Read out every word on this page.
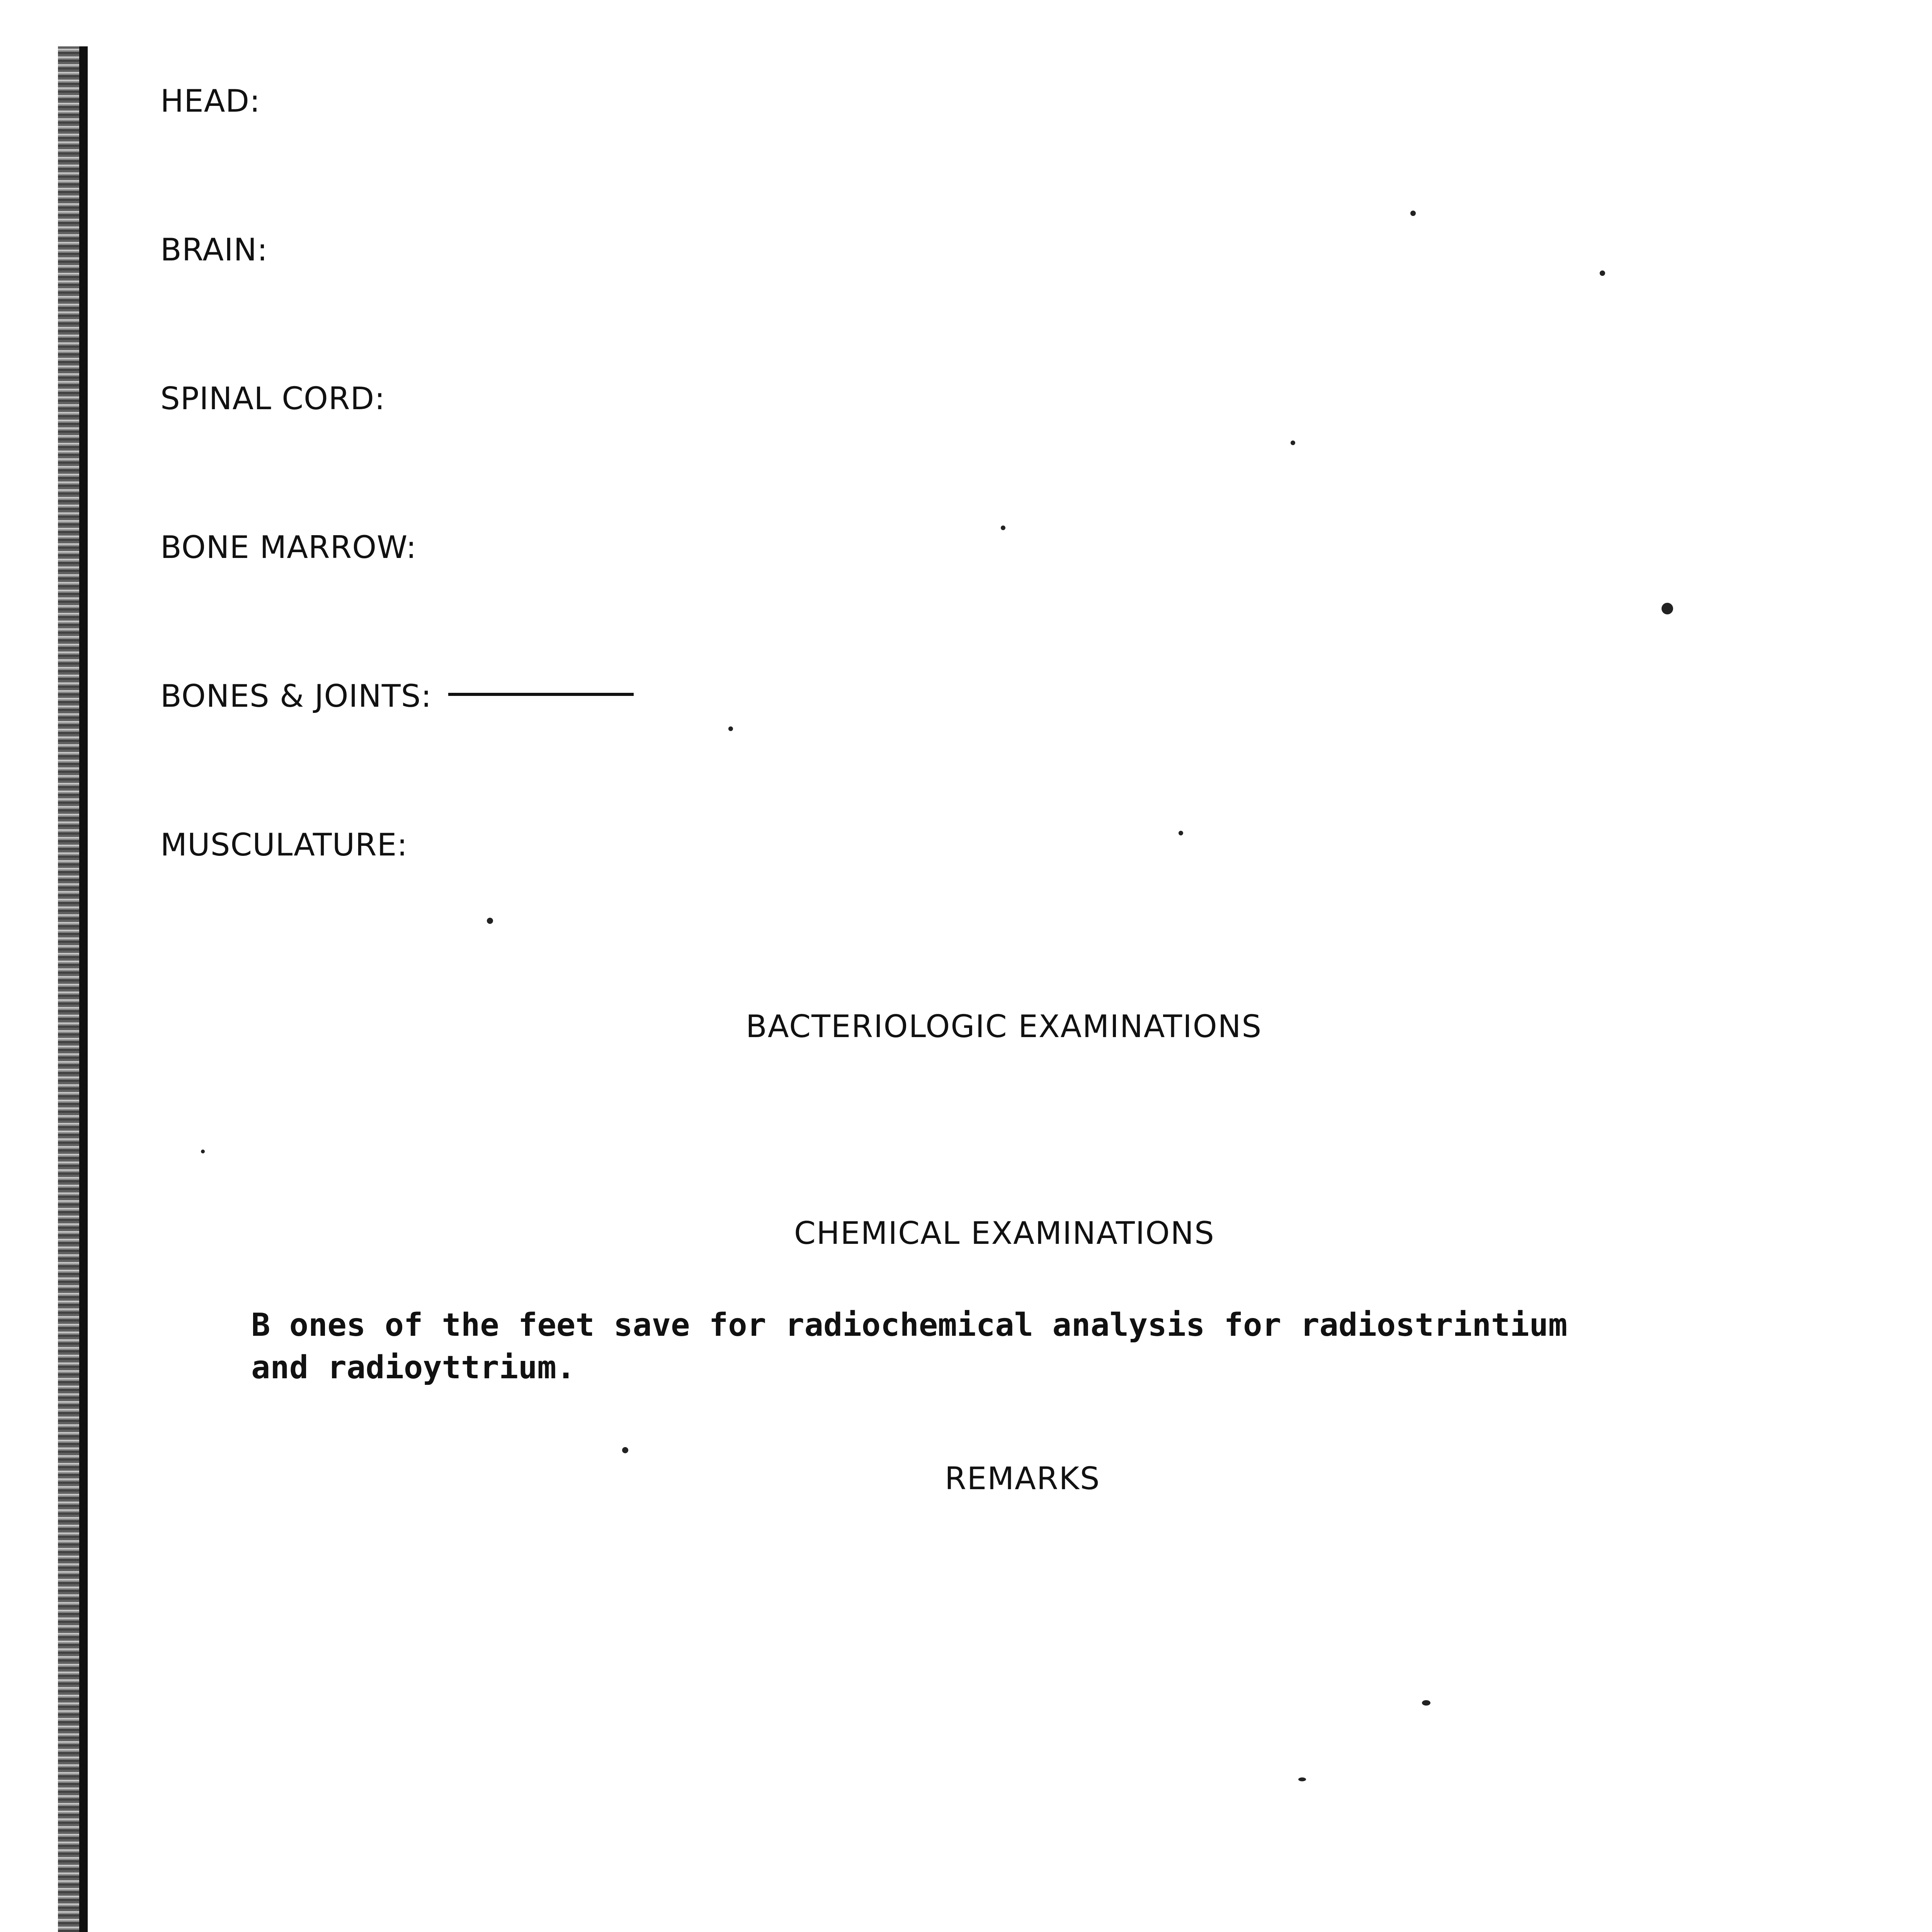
HEAD:
BRAIN:
SPINAL CORD:
BONE MARROW:
BONES & JOINTS:
MUSCULATURE:
BACTERIOLOGIC EXAMINATIONS
CHEMICAL EXAMINATIONS
B ones of the feet save for radiochemical analysis for radiostrintium
and radioyttrium.
REMARKS
